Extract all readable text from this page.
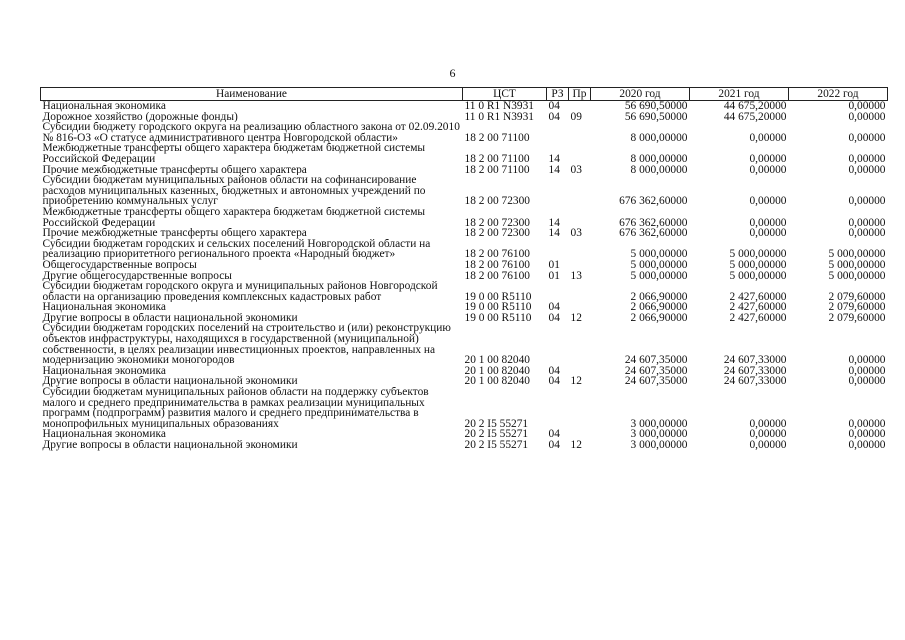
6
Наименование	ЦСТ	РЗ	Пр	2020 год	2021 год	2022 год
Национальная экономика	11 0 R1 N3931	04		56 690,50000	44 675,20000	0,00000
Дорожное хозяйство (дорожные фонды)	11 0 R1 N3931	04	09	56 690,50000	44 675,20000	0,00000
Субсидии бюджету городского округа на реализацию областного закона от 02.09.2010 № 816-ОЗ «О статусе административного центра Новгородской области»	18 2 00 71100			8 000,00000	0,00000	0,00000
Межбюджетные трансферты общего характера бюджетам бюджетной системы Российской Федерации	18 2 00 71100	14		8 000,00000	0,00000	0,00000
Прочие межбюджетные трансферты общего характера	18 2 00 71100	14	03	8 000,00000	0,00000	0,00000
Субсидии бюджетам муниципальных районов области на софинансирование расходов муниципальных казенных, бюджетных и автономных учреждений по приобретению коммунальных услуг	18 2 00 72300			676 362,60000	0,00000	0,00000
Межбюджетные трансферты общего характера бюджетам бюджетной системы Российской Федерации	18 2 00 72300	14		676 362,60000	0,00000	0,00000
Прочие межбюджетные трансферты общего характера	18 2 00 72300	14	03	676 362,60000	0,00000	0,00000
Субсидии бюджетам городских и сельских поселений Новгородской области на реализацию приоритетного регионального проекта «Народный бюджет»	18 2 00 76100			5 000,00000	5 000,00000	5 000,00000
Общегосударственные вопросы	18 2 00 76100	01		5 000,00000	5 000,00000	5 000,00000
Другие общегосударственные вопросы	18 2 00 76100	01	13	5 000,00000	5 000,00000	5 000,00000
Субсидии бюджетам городского округа и муниципальных районов Новгородской области на организацию проведения комплексных кадастровых работ	19 0 00 R5110			2 066,90000	2 427,60000	2 079,60000
Национальная экономика	19 0 00 R5110	04		2 066,90000	2 427,60000	2 079,60000
Другие вопросы в области национальной экономики	19 0 00 R5110	04	12	2 066,90000	2 427,60000	2 079,60000
Субсидии бюджетам городских поселений на строительство и (или) реконструкцию объектов инфраструктуры, находящихся в государственной (муниципальной) собственности, в целях реализации инвестиционных проектов, направленных на модернизацию экономики моногородов	20 1 00 82040			24 607,35000	24 607,33000	0,00000
Национальная экономика	20 1 00 82040	04		24 607,35000	24 607,33000	0,00000
Другие вопросы в области национальной экономики	20 1 00 82040	04	12	24 607,35000	24 607,33000	0,00000
Субсидии бюджетам муниципальных районов области на поддержку субъектов малого и среднего предпринимательства в рамках реализации муниципальных программ (подпрограмм) развития малого и среднего предпринимательства в монопрофильных муниципальных образованиях	20 2 I5 55271			3 000,00000	0,00000	0,00000
Национальная экономика	20 2 I5 55271	04		3 000,00000	0,00000	0,00000
Другие вопросы в области национальной экономики	20 2 I5 55271	04	12	3 000,00000	0,00000	0,00000
